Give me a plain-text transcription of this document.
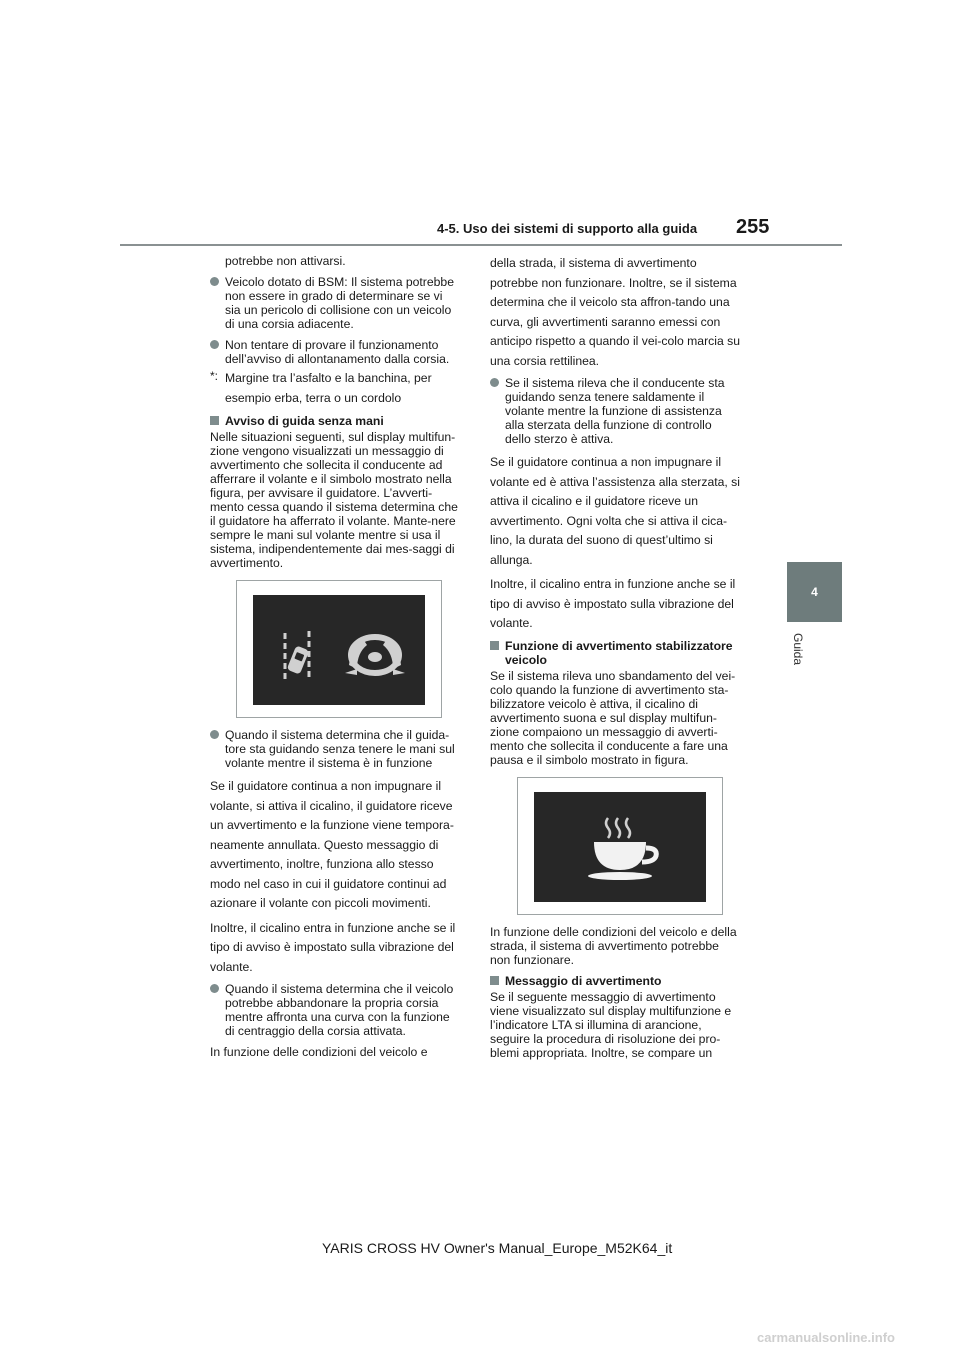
4-5. Uso dei sistemi di supporto alla guida 255
4
Guida

potrebbe non attivarsi.

Veicolo dotato di BSM: Il sistema potrebbe non essere in grado di determinare se vi sia un pericolo di collisione con un veicolo di una corsia adiacente.
Non tentare di provare il funzionamento dell’avviso di allontanamento dalla corsia.
*: Margine tra l’asfalto e la banchina, per esempio erba, terra o un cordolo
Avviso di guida senza mani

Nelle situazioni seguenti, sul display multifun-zione vengono visualizzati un messaggio di avvertimento che sollecita il conducente ad afferrare il volante e il simbolo mostrato nella figura, per avvisare il guidatore. L’avverti-mento cessa quando il sistema determina che il guidatore ha afferrato il volante. Mante-nere sempre le mani sul volante mentre si usa il sistema, indipendentemente dai mes-saggi di avvertimento.

Quando il sistema determina che il guida-tore sta guidando senza tenere le mani sul volante mentre il sistema è in funzione

Se il guidatore continua a non impugnare il volante, si attiva il cicalino, il guidatore riceve un avvertimento e la funzione viene tempora-neamente annullata. Questo messaggio di avvertimento, inoltre, funziona allo stesso modo nel caso in cui il guidatore continui ad azionare il volante con piccoli movimenti.

Inoltre, il cicalino entra in funzione anche se il tipo di avviso è impostato sulla vibrazione del volante.

Quando il sistema determina che il veicolo potrebbe abbandonare la propria corsia mentre affronta una curva con la funzione di centraggio della corsia attivata.

In funzione delle condizioni del veicolo e

della strada, il sistema di avvertimento potrebbe non funzionare. Inoltre, se il sistema determina che il veicolo sta affron-tando una curva, gli avvertimenti saranno emessi con anticipo rispetto a quando il vei-colo marcia su una corsia rettilinea.

Se il sistema rileva che il conducente sta guidando senza tenere saldamente il volante mentre la funzione di assistenza alla sterzata della funzione di controllo dello sterzo è attiva.

Se il guidatore continua a non impugnare il volante ed è attiva l’assistenza alla sterzata, si attiva il cicalino e il guidatore riceve un avvertimento. Ogni volta che si attiva il cica-lino, la durata del suono di quest’ultimo si allunga.

Inoltre, il cicalino entra in funzione anche se il tipo di avviso è impostato sulla vibrazione del volante.

Funzione di avvertimento stabilizzatore veicolo

Se il sistema rileva uno sbandamento del vei-colo quando la funzione di avvertimento sta-bilizzatore veicolo è attiva, il cicalino di avvertimento suona e sul display multifun-zione compaiono un messaggio di avverti-mento che sollecita il conducente a fare una pausa e il simbolo mostrato in figura.

In funzione delle condizioni del veicolo e della strada, il sistema di avvertimento potrebbe non funzionare.

Messaggio di avvertimento

Se il seguente messaggio di avvertimento viene visualizzato sul display multifunzione e l’indicatore LTA si illumina di arancione, seguire la procedura di risoluzione dei pro-blemi appropriata. Inoltre, se compare un

YARIS CROSS HV Owner's Manual_Europe_M52K64_it
carmanualsonline.info
